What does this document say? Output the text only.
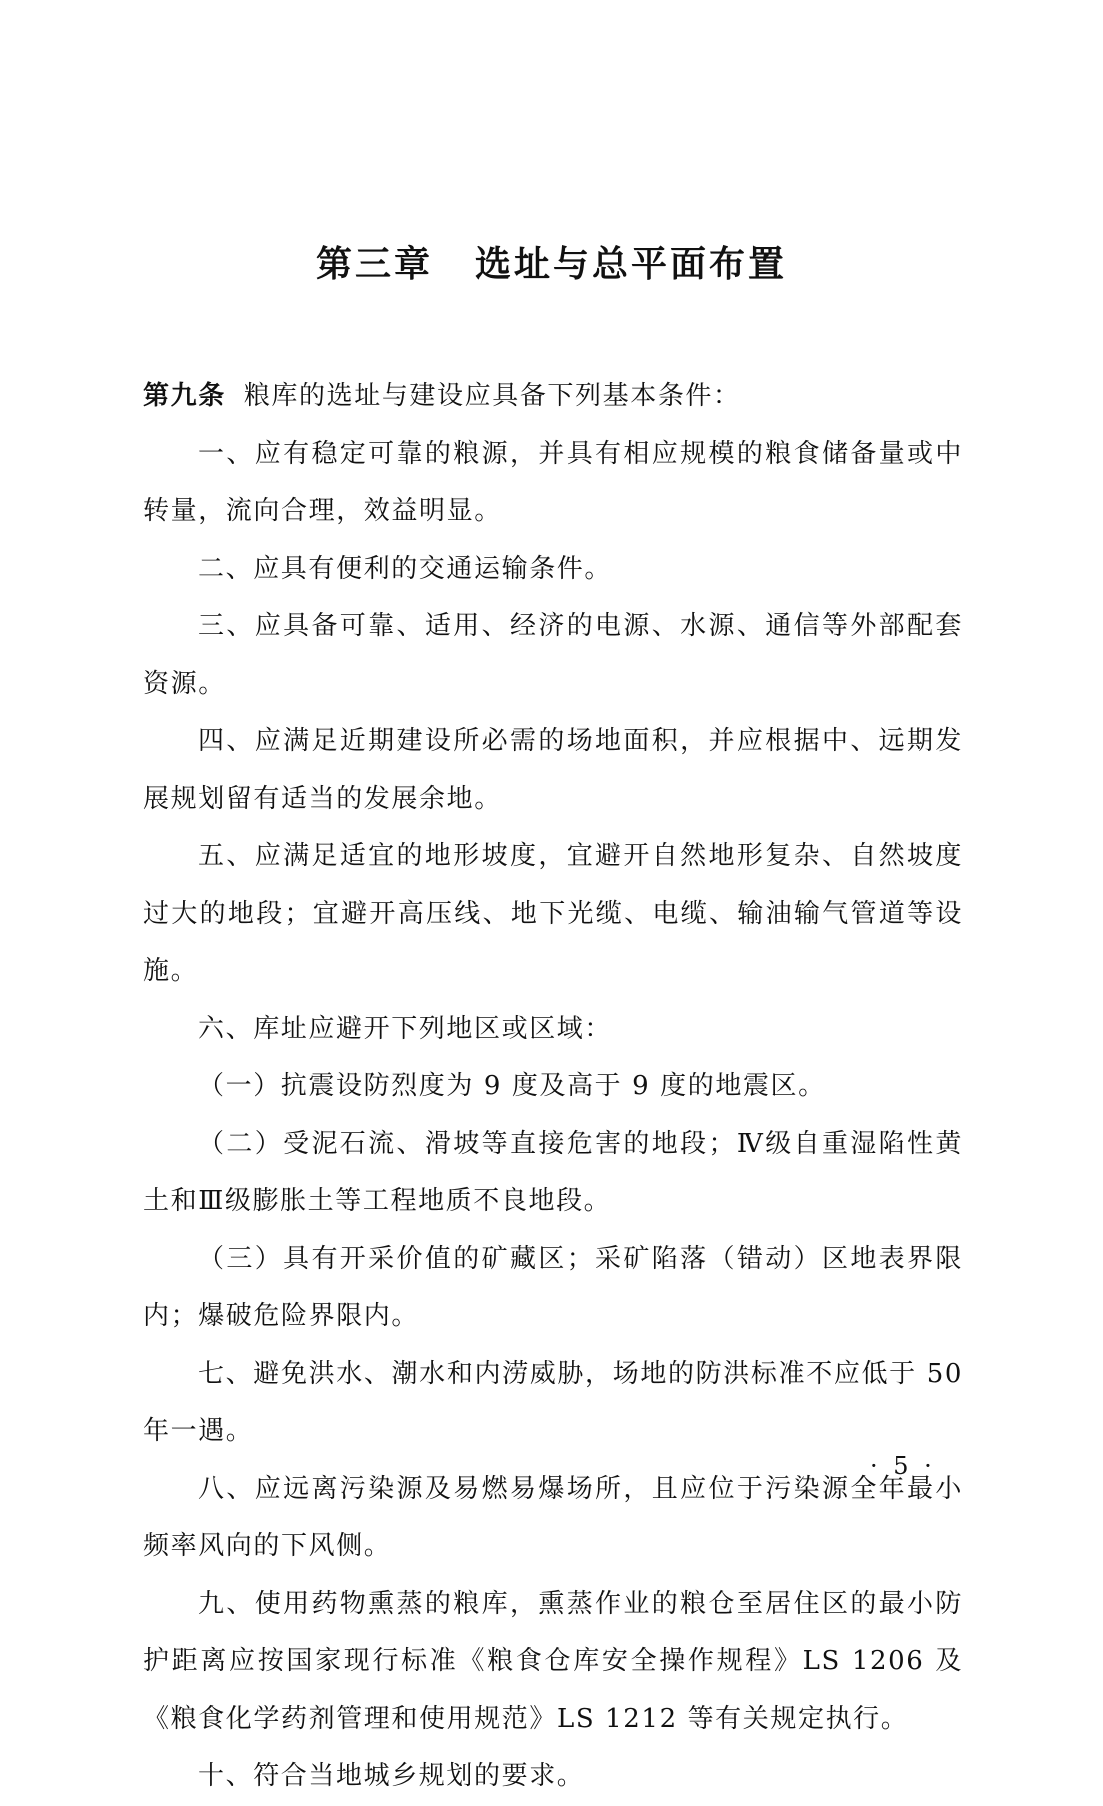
第三章 选址与总平面布置

第九条 粮库的选址与建设应具备下列基本条件：

一、应有稳定可靠的粮源，并具有相应规模的粮食储备量或中转量，流向合理，效益明显。

二、应具有便利的交通运输条件。

三、应具备可靠、适用、经济的电源、水源、通信等外部配套资源。

四、应满足近期建设所必需的场地面积，并应根据中、远期发展规划留有适当的发展余地。

五、应满足适宜的地形坡度，宜避开自然地形复杂、自然坡度过大的地段；宜避开高压线、地下光缆、电缆、输油输气管道等设施。

六、库址应避开下列地区或区域：

（一）抗震设防烈度为 9 度及高于 9 度的地震区。

（二）受泥石流、滑坡等直接危害的地段；Ⅳ级自重湿陷性黄土和Ⅲ级膨胀土等工程地质不良地段。

（三）具有开采价值的矿藏区；采矿陷落（错动）区地表界限内；爆破危险界限内。

七、避免洪水、潮水和内涝威胁，场地的防洪标准不应低于 50 年一遇。

八、应远离污染源及易燃易爆场所，且应位于污染源全年最小频率风向的下风侧。

九、使用药物熏蒸的粮库，熏蒸作业的粮仓至居住区的最小防护距离应按国家现行标准《粮食仓库安全操作规程》LS 1206 及《粮食化学药剂管理和使用规范》LS 1212 等有关规定执行。

十、符合当地城乡规划的要求。

· 5 ·
